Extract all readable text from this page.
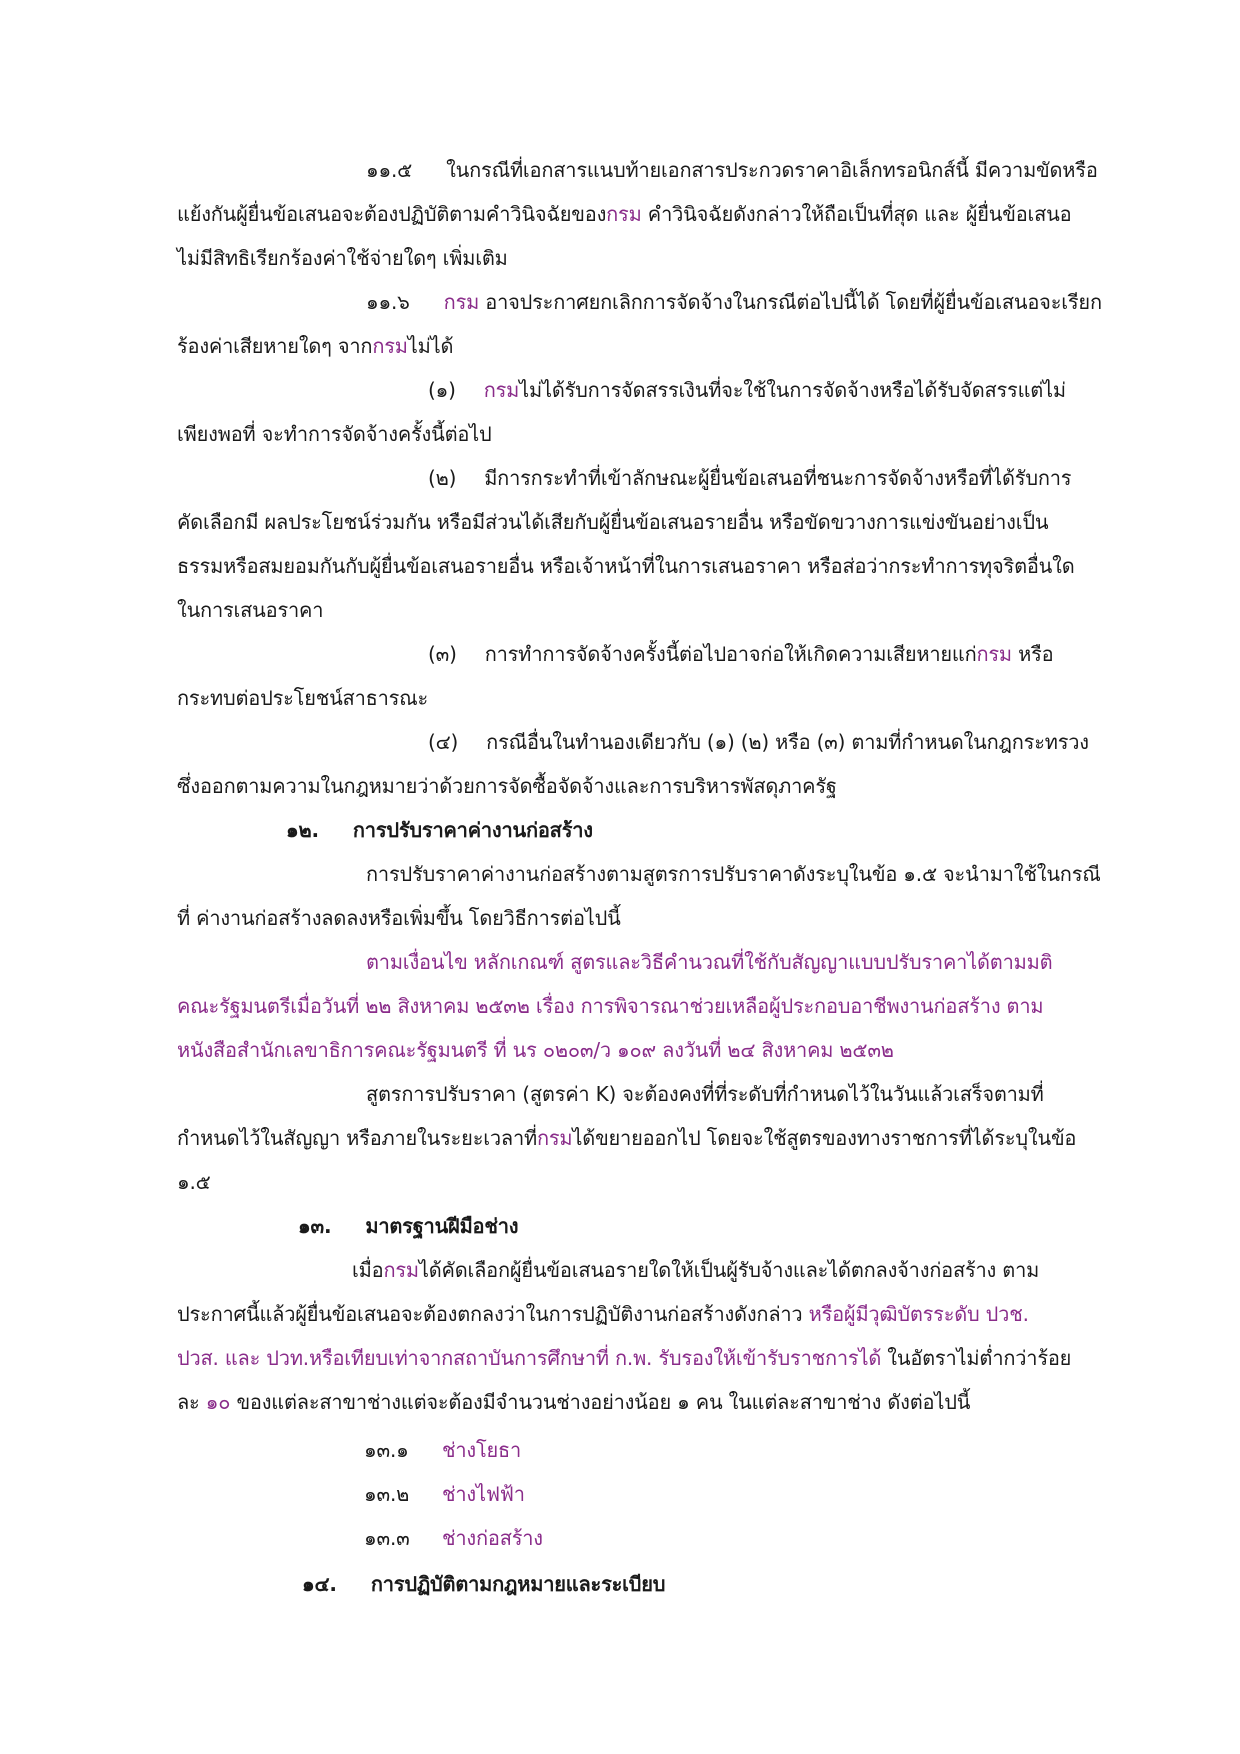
๑๑.๕ ในกรณีที่เอกสารแนบท้ายเอกสารประกวดราคาอิเล็กทรอนิกส์นี้ มีความขัดหรือ
แย้งกันผู้ยื่นข้อเสนอจะต้องปฏิบัติตามคำวินิจฉัยของกรม คำวินิจฉัยดังกล่าวให้ถือเป็นที่สุด และ ผู้ยื่นข้อเสนอ
ไม่มีสิทธิเรียกร้องค่าใช้จ่ายใดๆ เพิ่มเติม
๑๑.๖ กรม อาจประกาศยกเลิกการจัดจ้างในกรณีต่อไปนี้ได้ โดยที่ผู้ยื่นข้อเสนอจะเรียก
ร้องค่าเสียหายใดๆ จากกรมไม่ได้
(๑) กรมไม่ได้รับการจัดสรรเงินที่จะใช้ในการจัดจ้างหรือได้รับจัดสรรแต่ไม่
เพียงพอที่ จะทำการจัดจ้างครั้งนี้ต่อไป
(๒) มีการกระทำที่เข้าลักษณะผู้ยื่นข้อเสนอที่ชนะการจัดจ้างหรือที่ได้รับการ
คัดเลือกมี ผลประโยชน์ร่วมกัน หรือมีส่วนได้เสียกับผู้ยื่นข้อเสนอรายอื่น หรือขัดขวางการแข่งขันอย่างเป็น
ธรรมหรือสมยอมกันกับผู้ยื่นข้อเสนอรายอื่น หรือเจ้าหน้าที่ในการเสนอราคา หรือส่อว่ากระทำการทุจริตอื่นใด
ในการเสนอราคา
(๓) การทำการจัดจ้างครั้งนี้ต่อไปอาจก่อให้เกิดความเสียหายแก่กรม หรือ
กระทบต่อประโยชน์สาธารณะ
(๔) กรณีอื่นในทำนองเดียวกับ (๑) (๒) หรือ (๓) ตามที่กำหนดในกฎกระทรวง
ซึ่งออกตามความในกฎหมายว่าด้วยการจัดซื้อจัดจ้างและการบริหารพัสดุภาครัฐ
๑๒. การปรับราคาค่างานก่อสร้าง
การปรับราคาค่างานก่อสร้างตามสูตรการปรับราคาดังระบุในข้อ ๑.๕ จะนำมาใช้ในกรณี
ที่ ค่างานก่อสร้างลดลงหรือเพิ่มขึ้น โดยวิธีการต่อไปนี้
ตามเงื่อนไข หลักเกณฑ์ สูตรและวิธีคำนวณที่ใช้กับสัญญาแบบปรับราคาได้ตามมติ
คณะรัฐมนตรีเมื่อวันที่ ๒๒ สิงหาคม ๒๕๓๒ เรื่อง การพิจารณาช่วยเหลือผู้ประกอบอาชีพงานก่อสร้าง ตาม
หนังสือสำนักเลขาธิการคณะรัฐมนตรี ที่ นร ๐๒๐๓/ว ๑๐๙ ลงวันที่ ๒๔ สิงหาคม ๒๕๓๒
สูตรการปรับราคา (สูตรค่า K) จะต้องคงที่ที่ระดับที่กำหนดไว้ในวันแล้วเสร็จตามที่
กำหนดไว้ในสัญญา หรือภายในระยะเวลาที่กรมได้ขยายออกไป โดยจะใช้สูตรของทางราชการที่ได้ระบุในข้อ
๑.๕
๑๓. มาตรฐานฝีมือช่าง
เมื่อกรมได้คัดเลือกผู้ยื่นข้อเสนอรายใดให้เป็นผู้รับจ้างและได้ตกลงจ้างก่อสร้าง ตาม
ประกาศนี้แล้วผู้ยื่นข้อเสนอจะต้องตกลงว่าในการปฏิบัติงานก่อสร้างดังกล่าว หรือผู้มีวุฒิบัตรระดับ ปวช.
ปวส. และ ปวท.หรือเทียบเท่าจากสถาบันการศึกษาที่ ก.พ. รับรองให้เข้ารับราชการได้ ในอัตราไม่ต่ำกว่าร้อย
ละ ๑๐ ของแต่ละสาขาช่างแต่จะต้องมีจำนวนช่างอย่างน้อย ๑ คน ในแต่ละสาขาช่าง ดังต่อไปนี้
๑๓.๑ ช่างโยธา
๑๓.๒ ช่างไฟฟ้า
๑๓.๓ ช่างก่อสร้าง
๑๔. การปฏิบัติตามกฎหมายและระเบียบ
